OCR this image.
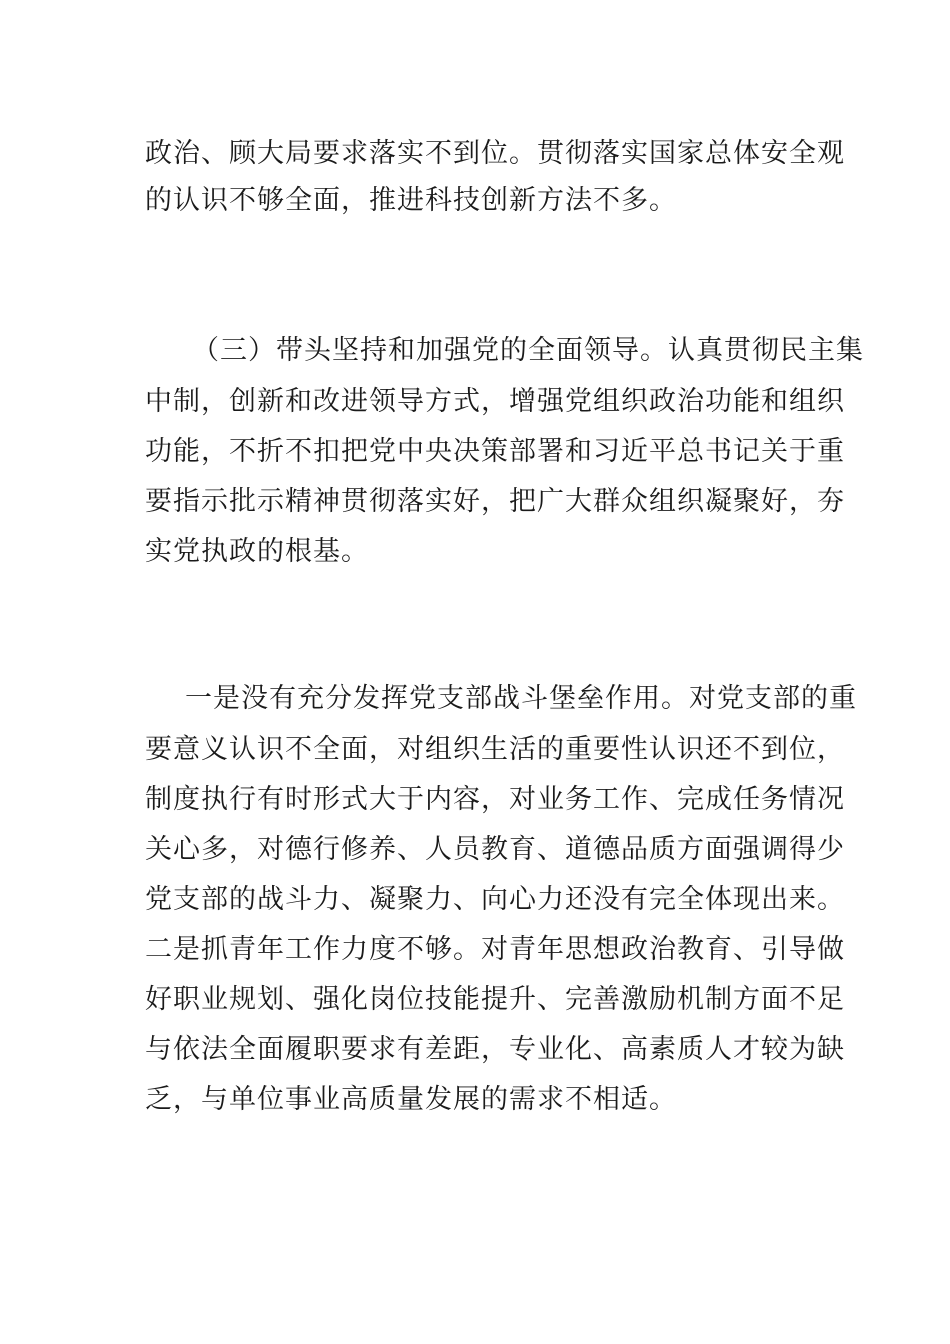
政治、顾大局要求落实不到位。贯彻落实国家总体安全观
的认识不够全面，推进科技创新方法不多。
（三）带头坚持和加强党的全面领导。认真贯彻民主集
中制，创新和改进领导方式，增强党组织政治功能和组织
功能，不折不扣把党中央决策部署和习近平总书记关于重
要指示批示精神贯彻落实好，把广大群众组织凝聚好，夯
实党执政的根基。
一是没有充分发挥党支部战斗堡垒作用。对党支部的重
要意义认识不全面，对组织生活的重要性认识还不到位，
制度执行有时形式大于内容，对业务工作、完成任务情况
关心多，对德行修养、人员教育、道德品质方面强调得少
党支部的战斗力、凝聚力、向心力还没有完全体现出来。
二是抓青年工作力度不够。对青年思想政治教育、引导做
好职业规划、强化岗位技能提升、完善激励机制方面不足
与依法全面履职要求有差距，专业化、高素质人才较为缺
乏，与单位事业高质量发展的需求不相适。
